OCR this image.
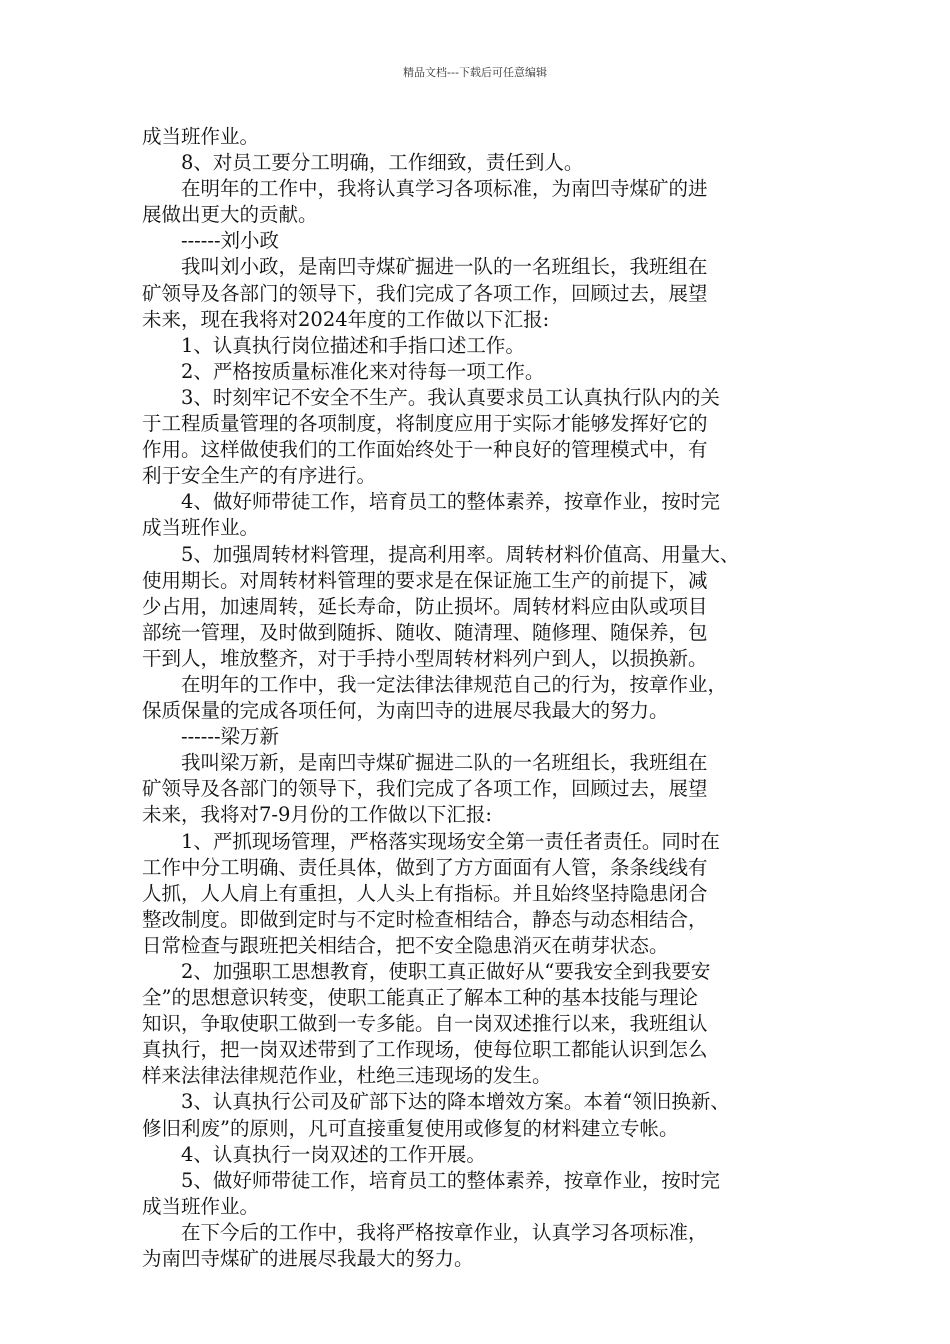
精品文档---下载后可任意编辑
成当班作业。
8、对员工要分工明确，工作细致，责任到人。
在明年的工作中，我将认真学习各项标准，为南凹寺煤矿的进
展做出更大的贡献。
------刘小政
我叫刘小政，是南凹寺煤矿掘进一队的一名班组长，我班组在
矿领导及各部门的领导下，我们完成了各项工作，回顾过去，展望
未来，现在我将对2024年度的工作做以下汇报:
1、认真执行岗位描述和手指口述工作。
2、严格按质量标准化来对待每一项工作。
3、时刻牢记不安全不生产。我认真要求员工认真执行队内的关
于工程质量管理的各项制度，将制度应用于实际才能够发挥好它的
作用。这样做使我们的工作面始终处于一种良好的管理模式中，有
利于安全生产的有序进行。
4、做好师带徒工作，培育员工的整体素养，按章作业，按时完
成当班作业。
5、加强周转材料管理，提高利用率。周转材料价值高、用量大、
使用期长。对周转材料管理的要求是在保证施工生产的前提下，减
少占用，加速周转，延长寿命，防止损坏。周转材料应由队或项目
部统一管理，及时做到随拆、随收、随清理、随修理、随保养，包
干到人，堆放整齐，对于手持小型周转材料列户到人，以损换新。
在明年的工作中，我一定法律法律规范自己的行为，按章作业，
保质保量的完成各项任何，为南凹寺的进展尽我最大的努力。
------梁万新
我叫梁万新，是南凹寺煤矿掘进二队的一名班组长，我班组在
矿领导及各部门的领导下，我们完成了各项工作，回顾过去，展望
未来，我将对7-9月份的工作做以下汇报:
1、严抓现场管理，严格落实现场安全第一责任者责任。同时在
工作中分工明确、责任具体，做到了方方面面有人管，条条线线有
人抓，人人肩上有重担，人人头上有指标。并且始终坚持隐患闭合
整改制度。即做到定时与不定时检查相结合，静态与动态相结合，
日常检查与跟班把关相结合，把不安全隐患消灭在萌芽状态。
2、加强职工思想教育，使职工真正做好从“要我安全到我要安
全”的思想意识转变，使职工能真正了解本工种的基本技能与理论
知识，争取使职工做到一专多能。自一岗双述推行以来，我班组认
真执行，把一岗双述带到了工作现场，使每位职工都能认识到怎么
样来法律法律规范作业，杜绝三违现场的发生。
3、认真执行公司及矿部下达的降本增效方案。本着“领旧换新、
修旧利废”的原则，凡可直接重复使用或修复的材料建立专帐。
4、认真执行一岗双述的工作开展。
5、做好师带徒工作，培育员工的整体素养，按章作业，按时完
成当班作业。
在下今后的工作中，我将严格按章作业，认真学习各项标准，
为南凹寺煤矿的进展尽我最大的努力。
